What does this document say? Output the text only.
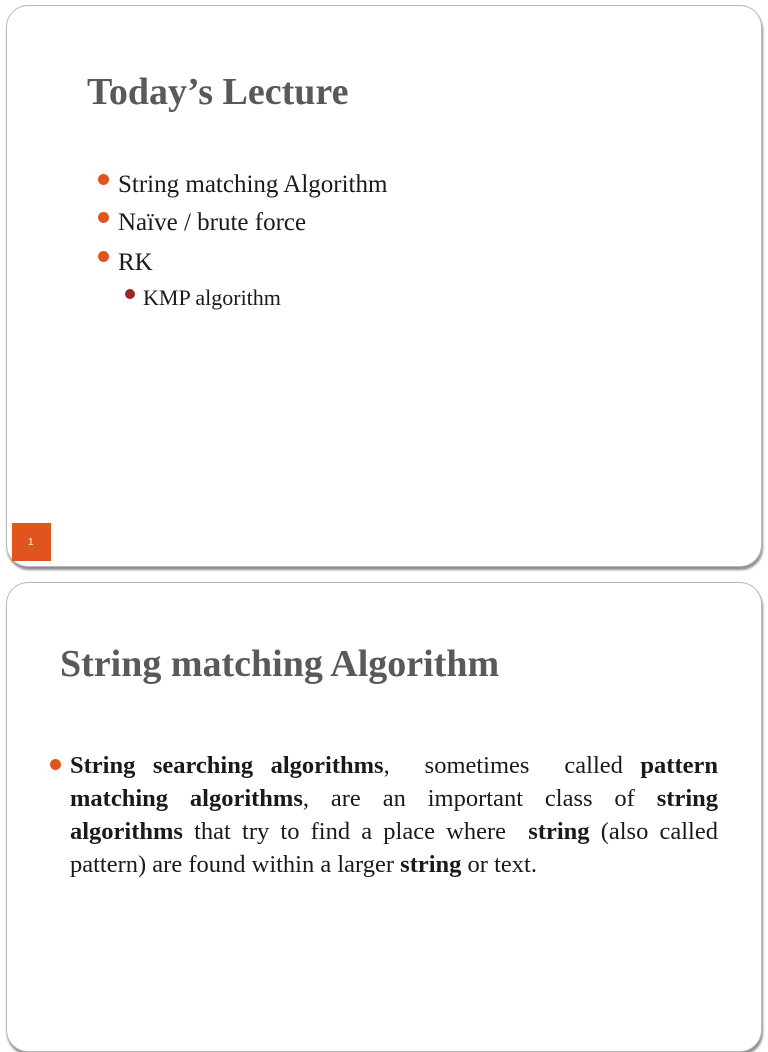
Today’s Lecture
String matching Algorithm
Naïve / brute force
RK
KMP algorithm
1
String matching Algorithm

String searching algorithms,  sometimes  called pattern matching algorithms, are an important class of string algorithms that try to find a place where  string (also called pattern) are found within a larger string or text.
